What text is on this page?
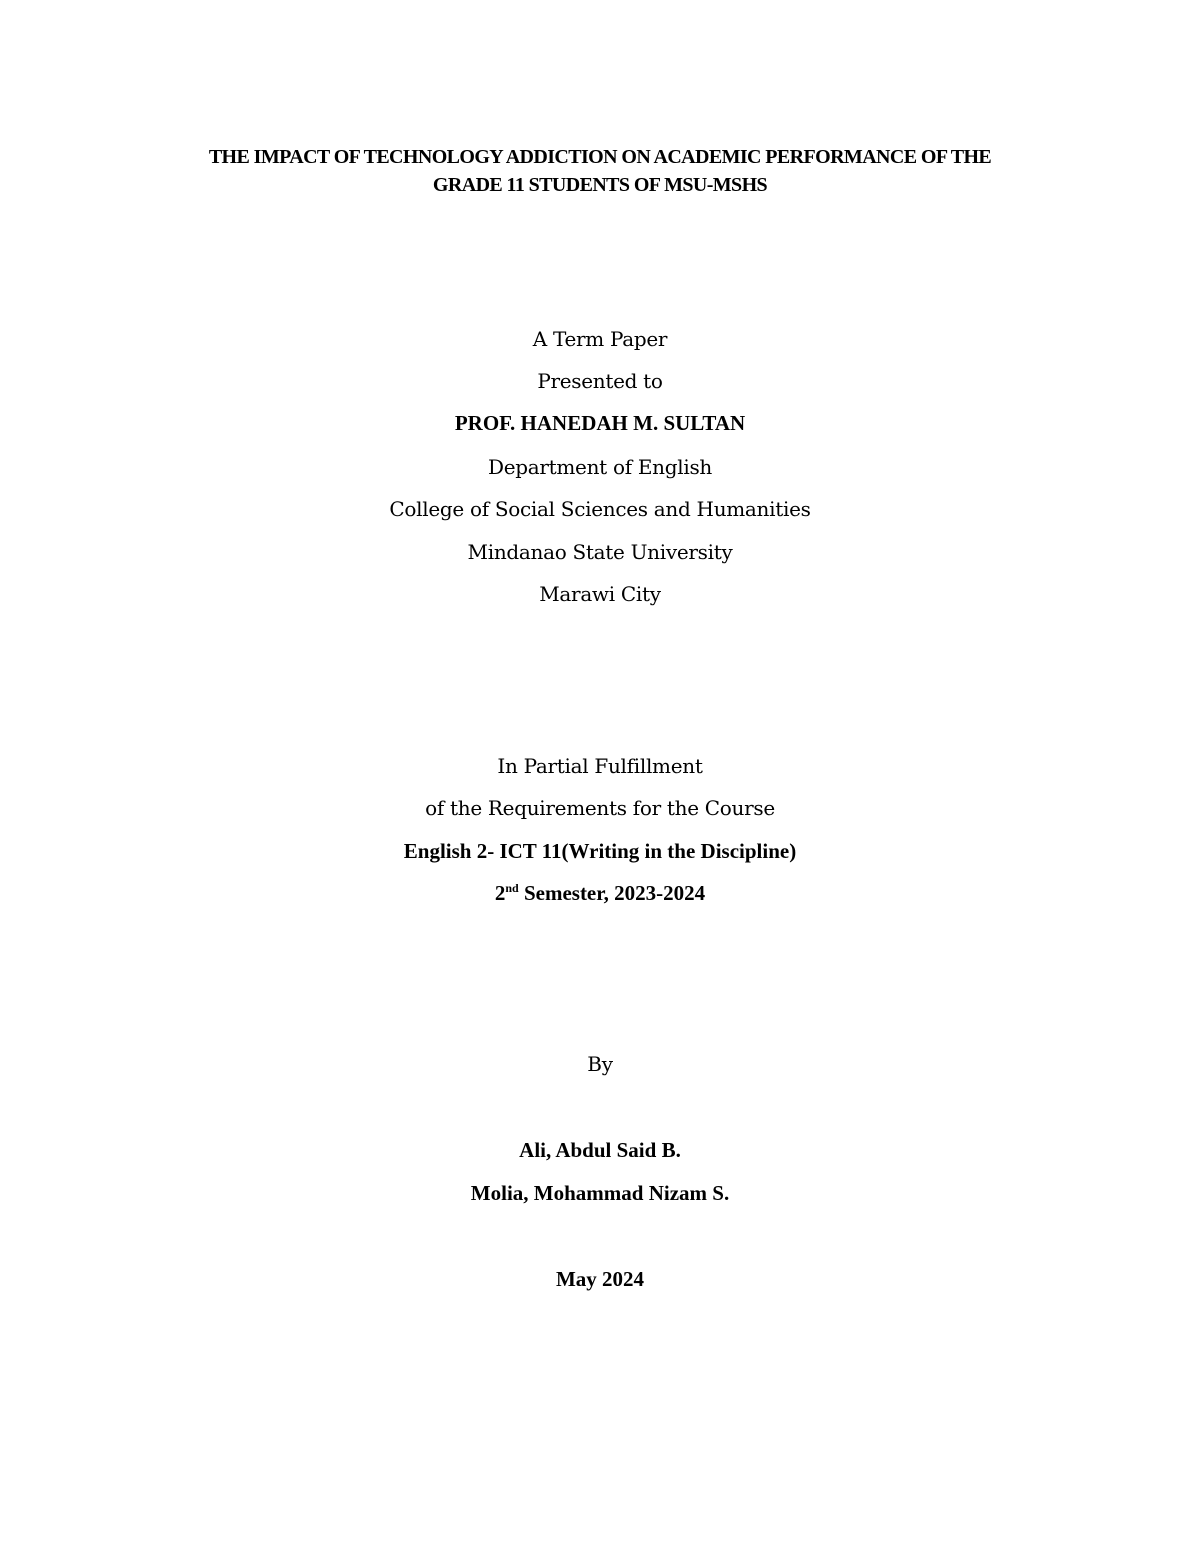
THE IMPACT OF TECHNOLOGY ADDICTION ON ACADEMIC PERFORMANCE OF THE
GRADE 11 STUDENTS OF MSU-MSHS
A Term Paper
Presented to
PROF. HANEDAH M. SULTAN
Department of English
College of Social Sciences and Humanities
Mindanao State University
Marawi City
In Partial Fulfillment
of the Requirements for the Course
English 2- ICT 11(Writing in the Discipline)
2nd Semester, 2023-2024
By
Ali, Abdul Said B.
Molia, Mohammad Nizam S.
May 2024
